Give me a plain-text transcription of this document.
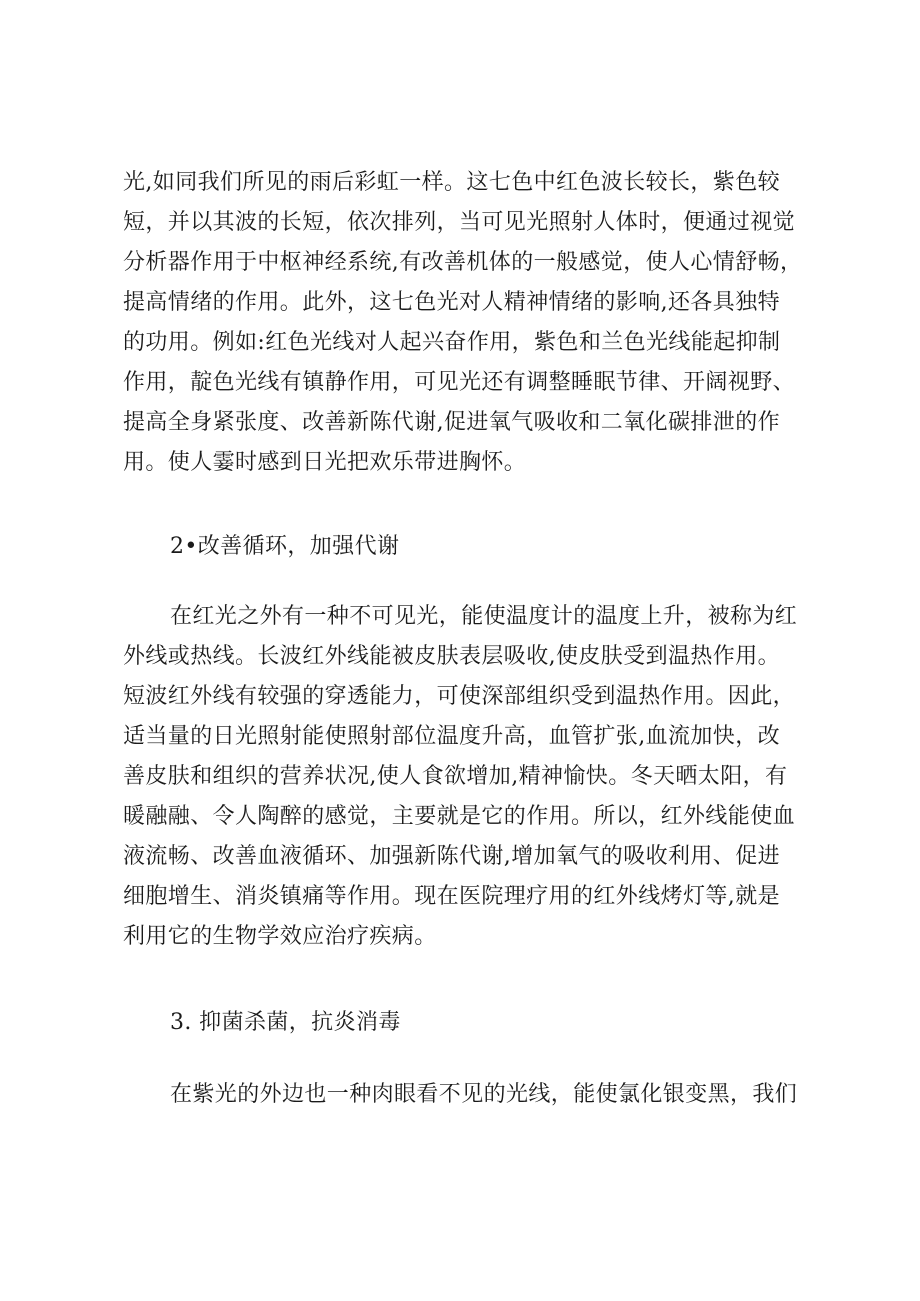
光,如同我们所见的雨后彩虹一样。这七色中红色波长较长，紫色较
短，并以其波的长短，依次排列，当可见光照射人体时，便通过视觉
分析器作用于中枢神经系统,有改善机体的一般感觉，使人心情舒畅，
提高情绪的作用。此外，这七色光对人精神情绪的影响,还各具独特
的功用。例如:红色光线对人起兴奋作用，紫色和兰色光线能起抑制
作用，靛色光线有镇静作用，可见光还有调整睡眠节律、开阔视野、
提高全身紧张度、改善新陈代谢,促进氧气吸收和二氧化碳排泄的作
用。使人霎时感到日光把欢乐带进胸怀。
2•改善循环，加强代谢
在红光之外有一种不可见光，能使温度计的温度上升，被称为红
外线或热线。长波红外线能被皮肤表层吸收,使皮肤受到温热作用。
短波红外线有较强的穿透能力，可使深部组织受到温热作用。因此，
适当量的日光照射能使照射部位温度升高，血管扩张,血流加快，改
善皮肤和组织的营养状况,使人食欲增加,精神愉快。冬天晒太阳，有
暖融融、令人陶醉的感觉，主要就是它的作用。所以，红外线能使血
液流畅、改善血液循环、加强新陈代谢,增加氧气的吸收利用、促进
细胞增生、消炎镇痛等作用。现在医院理疗用的红外线烤灯等,就是
利用它的生物学效应治疗疾病。
3. 抑菌杀菌，抗炎消毒
在紫光的外边也一种肉眼看不见的光线，能使氯化银变黑，我们
